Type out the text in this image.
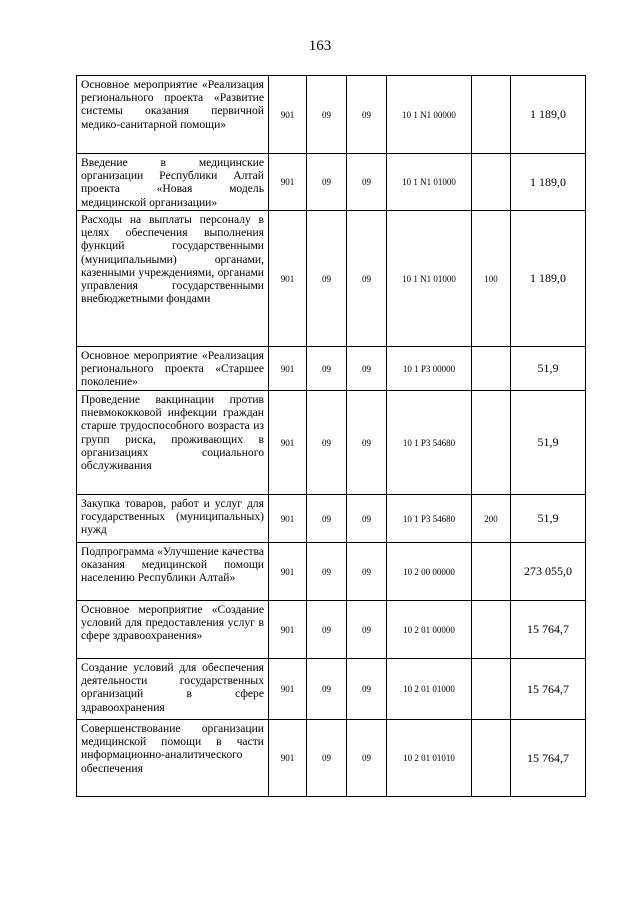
163
Основное мероприятие «Реализация регионального проекта «Развитие системы оказания первичной медико-санитарной помощи»	901	09	09	10 1 N1 00000		1 189,0
Введение в медицинские организации Республики Алтай проекта «Новая модель медицинской организации»	901	09	09	10 1 N1 01000		1 189,0
Расходы на выплаты персоналу в целях обеспечения выполнения функций государственными (муниципальными) органами, казенными учреждениями, органами управления государственными внебюджетными фондами	901	09	09	10 1 N1 01000	100	1 189,0
Основное мероприятие «Реализация регионального проекта «Старшее поколение»	901	09	09	10 1 P3 00000		51,9
Проведение вакцинации против пневмококковой инфекции граждан старше трудоспособного возраста из групп риска, проживающих в организациях социального обслуживания	901	09	09	10 1 P3 54680		51,9
Закупка товаров, работ и услуг для государственных (муниципальных) нужд	901	09	09	10 1 P3 54680	200	51,9
Подпрограмма «Улучшение качества оказания медицинской помощи населению Республики Алтай»	901	09	09	10 2 00 00000		273 055,0
Основное мероприятие «Создание условий для предоставления услуг в сфере здравоохранения»	901	09	09	10 2 01 00000		15 764,7
Создание условий для обеспечения деятельности государственных организаций в сфере здравоохранения	901	09	09	10 2 01 01000		15 764,7
Совершенствование организации медицинской помощи в части информационно-аналитического обеспечения	901	09	09	10 2 01 01010		15 764,7
